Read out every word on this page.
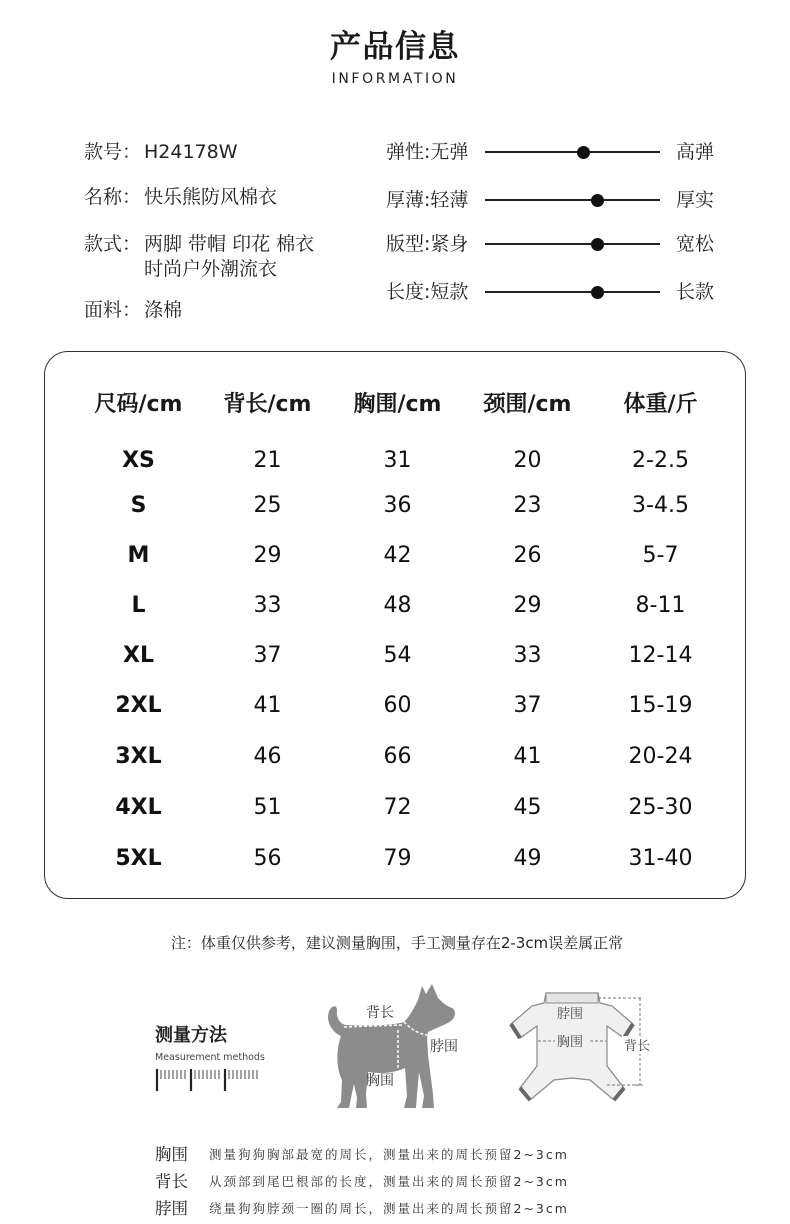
产品信息
INFORMATION
款号： H24178W
名称： 快乐熊防风棉衣
款式： 两脚 带帽 印花 棉衣
时尚户外潮流衣
面料： 涤棉
弹性:无弹	高弹
厚薄:轻薄	厚实
版型:紧身	宽松
长度:短款	长款
尺码/cm	背长/cm	胸围/cm	颈围/cm	体重/斤
XS	21	31	20	2-2.5
S	25	36	23	3-4.5
M	29	42	26	5-7
L	33	48	29	8-11
XL	37	54	33	12-14
2XL	41	60	37	15-19
3XL	46	66	41	20-24
4XL	51	72	45	25-30
5XL	56	79	49	31-40
注：体重仅供参考，建议测量胸围，手工测量存在2-3cm误差属正常
测量方法
Measurement methods
背长
脖围
胸围
脖围
胸围	背长
胸围 测量狗狗胸部最宽的周长，测量出来的周长预留2~3cm
背长 从颈部到尾巴根部的长度，测量出来的周长预留2~3cm
脖围 绕量狗狗脖颈一圈的周长，测量出来的周长预留2~3cm
